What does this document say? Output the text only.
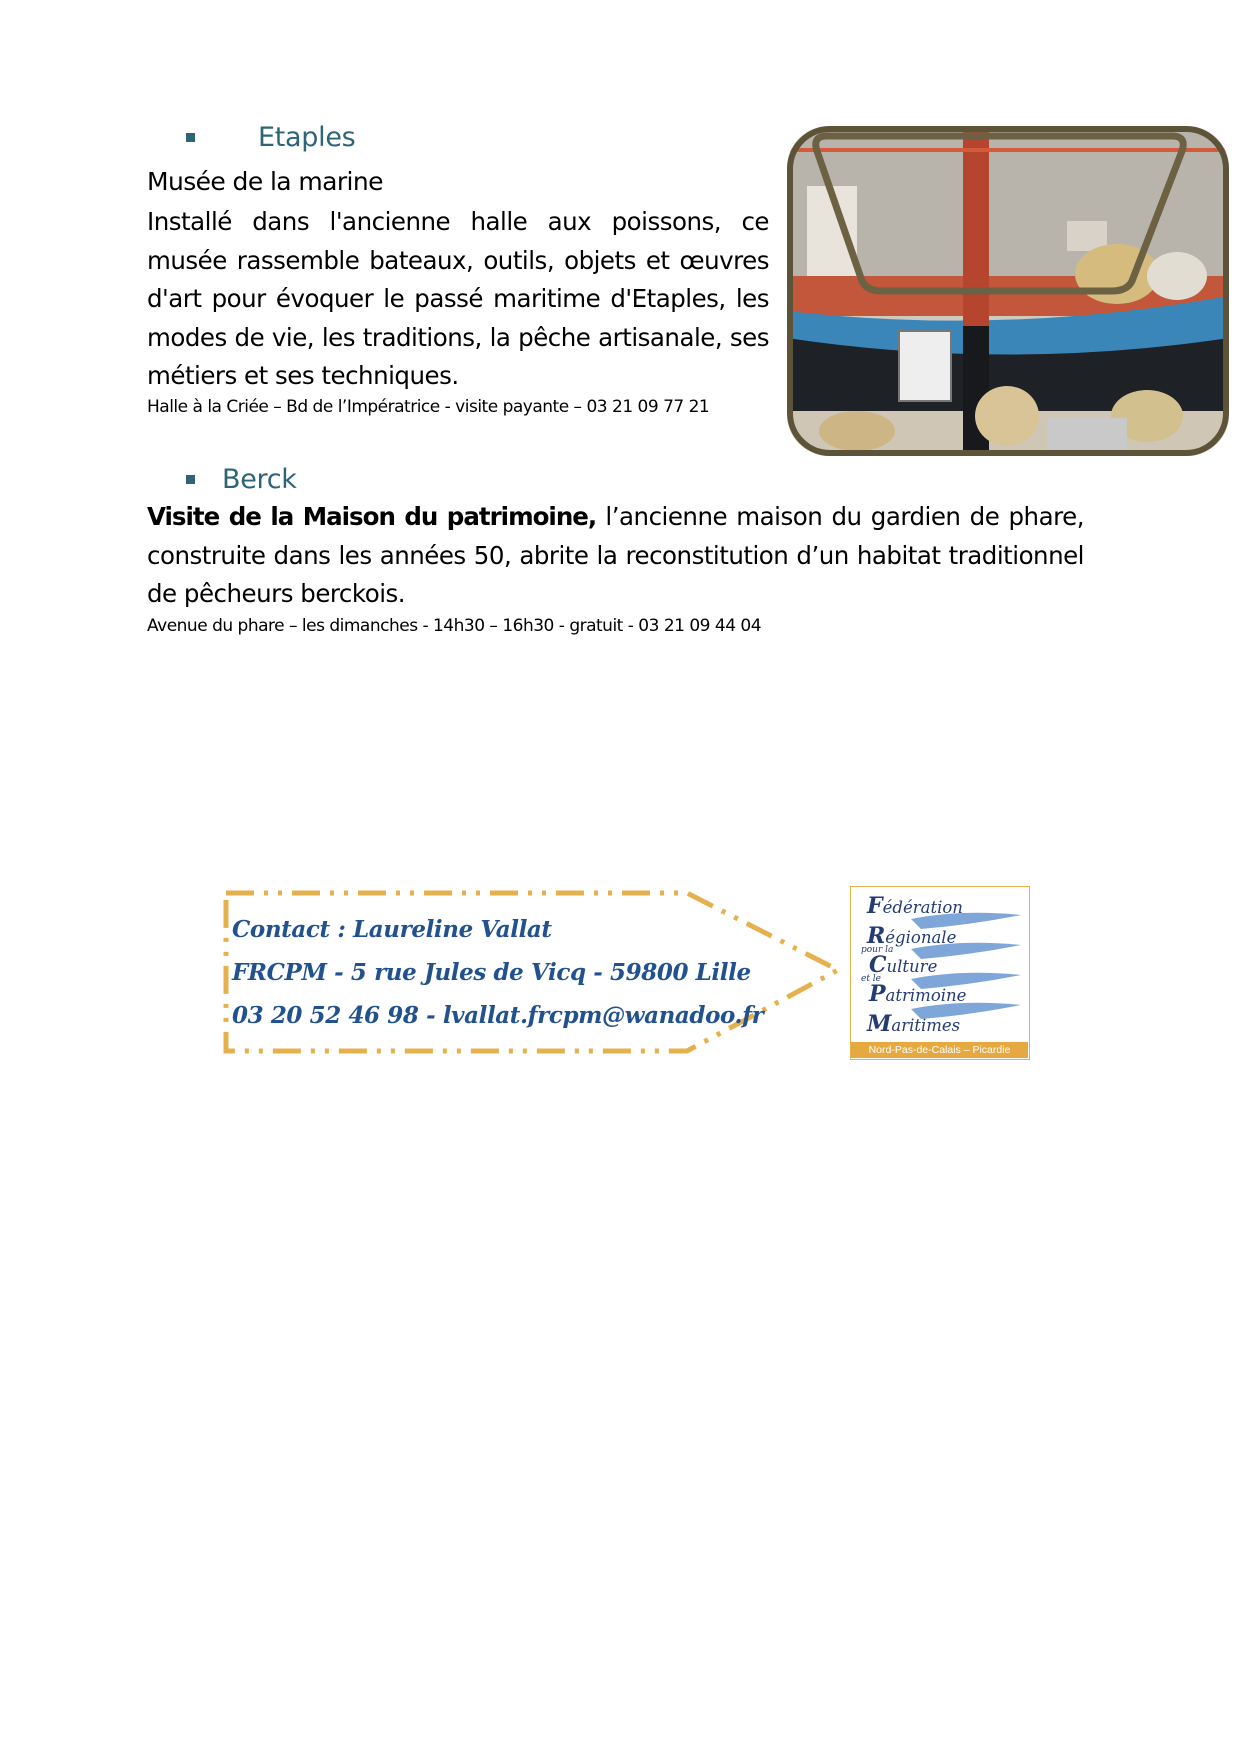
Etaples
Musée de la marine
Installé dans l'ancienne halle aux poissons, ce musée rassemble bateaux, outils, objets et œuvres d'art pour évoquer le passé maritime d'Etaples, les modes de vie, les traditions, la pêche artisanale, ses métiers et ses techniques.
Halle à la Criée – Bd de l’Impératrice - visite payante – 03 21 09 77 21
Berck
Visite de la Maison du patrimoine, l’ancienne maison du gardien de phare, construite dans les années 50, abrite la reconstitution d’un habitat traditionnel de pêcheurs berckois.
Avenue du phare – les dimanches - 14h30 – 16h30 - gratuit - 03 21 09 44 04
Contact : Laureline Vallat
FRCPM - 5 rue Jules de Vicq - 59800 Lille
03 20 52 46 98 - lvallat.frcpm@wanadoo.fr
Fédération
Régionale
pour la
Culture
et le
Patrimoine
Maritimes
Nord-Pas-de-Calais – Picardie
